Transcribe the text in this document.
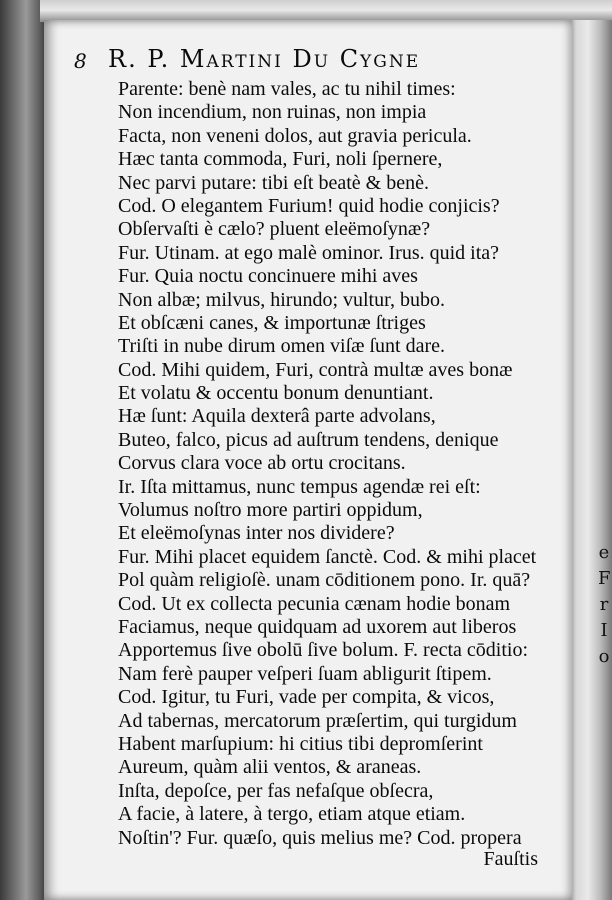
e
F
r
I
o
8 R. P. Martini Du Cygne
Parente: benè nam vales, ac tu nihil times:
Non incendium, non ruinas, non impia
Facta, non veneni dolos, aut gravia pericula.
Hæc tanta commoda, Furi, noli ſpernere,
Nec parvi putare: tibi eſt beatè & benè.
Cod. O elegantem Furium! quid hodie conjicis?
Obſervaſti è cælo? pluent eleëmoſynæ?
Fur. Utinam. at ego malè ominor. Irus. quid ita?
Fur. Quia noctu concinuere mihi aves
Non albæ; milvus, hirundo; vultur, bubo.
Et obſcæni canes, & importunæ ſtriges
Triſti in nube dirum omen viſæ ſunt dare.
Cod. Mihi quidem, Furi, contrà multæ aves bonæ
Et volatu & occentu bonum denuntiant.
Hæ ſunt: Aquila dexterâ parte advolans,
Buteo, falco, picus ad auſtrum tendens, denique
Corvus clara voce ab ortu crocitans.
Ir. Iſta mittamus, nunc tempus agendæ rei eſt:
Volumus noſtro more partiri oppidum,
Et eleëmoſynas inter nos dividere?
Fur. Mihi placet equidem ſanctè. Cod. & mihi placet
Pol quàm religioſè. unam cōditionem pono. Ir. quā?
Cod. Ut ex collecta pecunia cænam hodie bonam
Faciamus, neque quidquam ad uxorem aut liberos
Apportemus ſive obolū ſive bolum. F. recta cōditio:
Nam ferè pauper veſperi ſuam abligurit ſtipem.
Cod. Igitur, tu Furi, vade per compita, & vicos,
Ad tabernas, mercatorum præſertim, qui turgidum
Habent marſupium: hi citius tibi depromſerint
Aureum, quàm alii ventos, & araneas.
Inſta, depoſce, per fas nefaſque obſecra,
A facie, à latere, à tergo, etiam atque etiam.
Noſtin'? Fur. quæſo, quis melius me? Cod. propera
Fauſtis
